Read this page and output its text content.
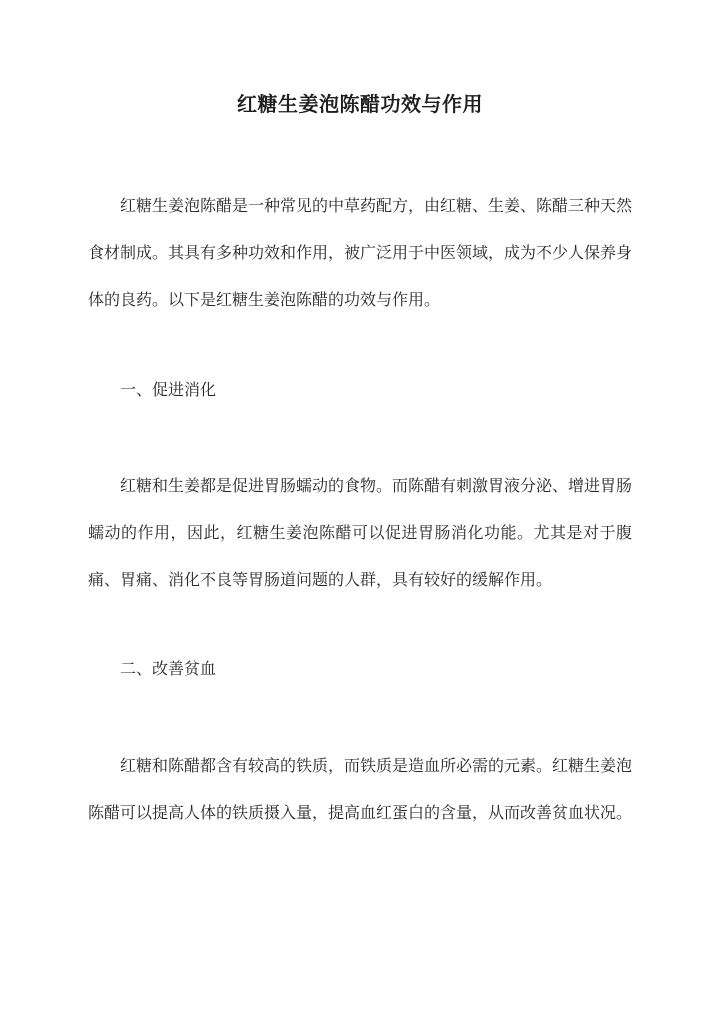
红糖生姜泡陈醋功效与作用
红糖生姜泡陈醋是一种常见的中草药配方，由红糖、生姜、陈醋三种天然食材制成。其具有多种功效和作用，被广泛用于中医领域，成为不少人保养身体的良药。以下是红糖生姜泡陈醋的功效与作用。
一、促进消化
红糖和生姜都是促进胃肠蠕动的食物。而陈醋有刺激胃液分泌、增进胃肠蠕动的作用，因此，红糖生姜泡陈醋可以促进胃肠消化功能。尤其是对于腹痛、胃痛、消化不良等胃肠道问题的人群，具有较好的缓解作用。
二、改善贫血
红糖和陈醋都含有较高的铁质，而铁质是造血所必需的元素。红糖生姜泡陈醋可以提高人体的铁质摄入量，提高血红蛋白的含量，从而改善贫血状况。
